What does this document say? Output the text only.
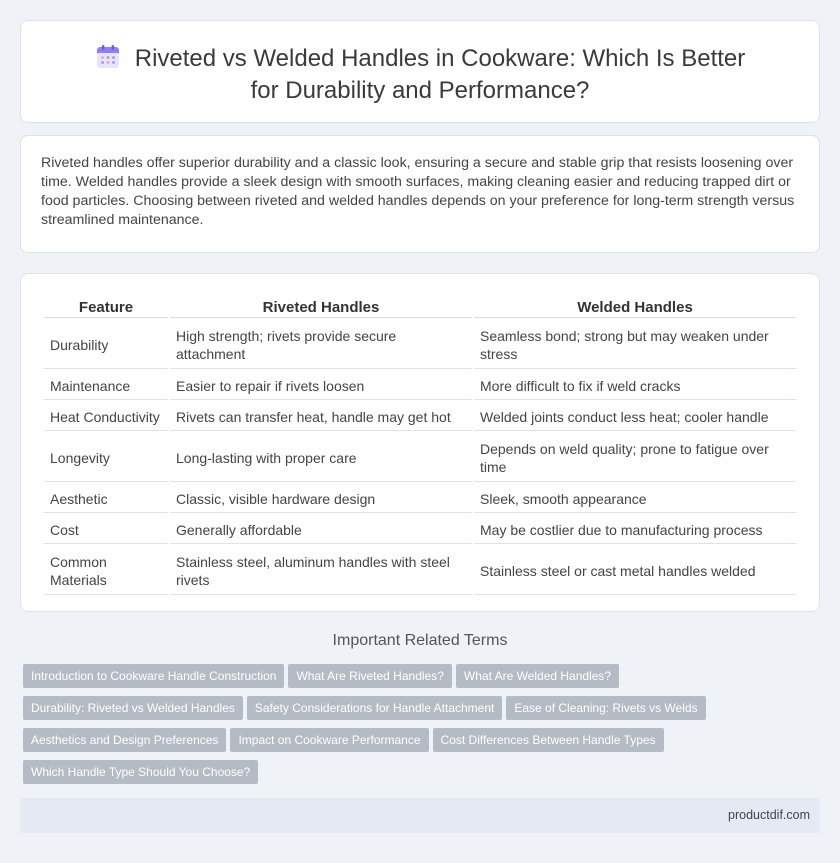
Riveted vs Welded Handles in Cookware: Which Is Better for Durability and Performance?

Riveted handles offer superior durability and a classic look, ensuring a secure and stable grip that resists loosening over time. Welded handles provide a sleek design with smooth surfaces, making cleaning easier and reducing trapped dirt or food particles. Choosing between riveted and welded handles depends on your preference for long-term strength versus streamlined maintenance.

Feature	Riveted Handles	Welded Handles
Durability	High strength; rivets provide secure attachment	Seamless bond; strong but may weaken under stress
Maintenance	Easier to repair if rivets loosen	More difficult to fix if weld cracks
Heat Conductivity	Rivets can transfer heat, handle may get hot	Welded joints conduct less heat; cooler handle
Longevity	Long-lasting with proper care	Depends on weld quality; prone to fatigue over time
Aesthetic	Classic, visible hardware design	Sleek, smooth appearance
Cost	Generally affordable	May be costlier due to manufacturing process
Common Materials	Stainless steel, aluminum handles with steel rivets	Stainless steel or cast metal handles welded
Important Related Terms
Introduction to Cookware Handle Construction What Are Riveted Handles? What Are Welded Handles?
Durability: Riveted vs Welded Handles Safety Considerations for Handle Attachment Ease of Cleaning: Rivets vs Welds
Aesthetics and Design Preferences Impact on Cookware Performance Cost Differences Between Handle Types
Which Handle Type Should You Choose?
productdif.com
